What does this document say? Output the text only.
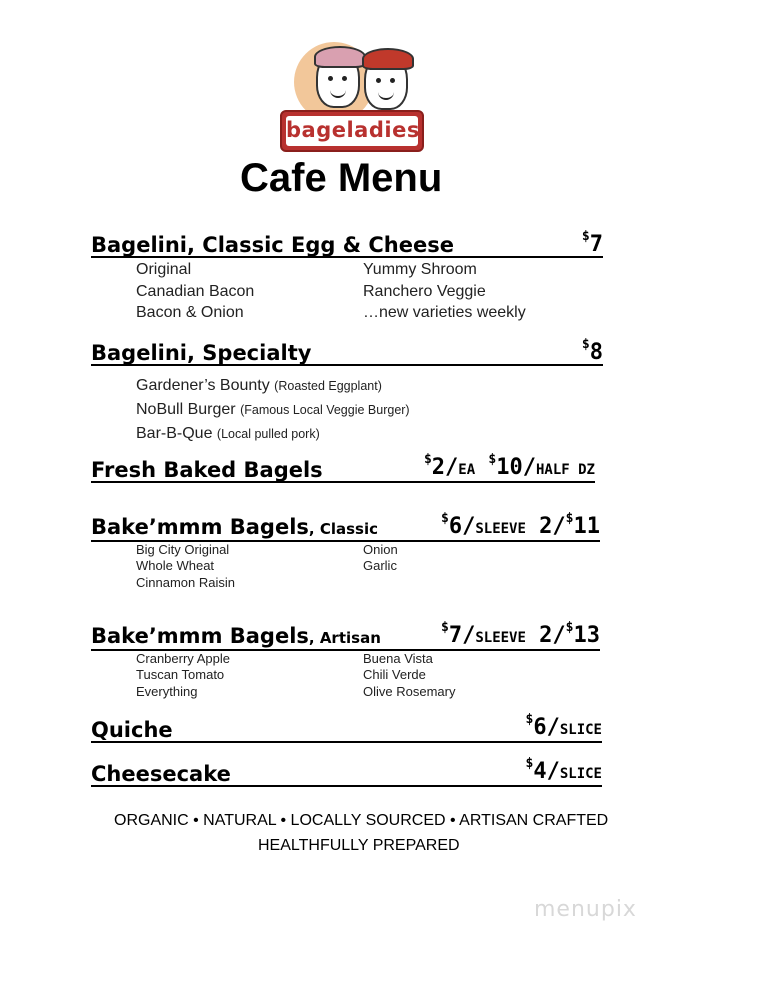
bageladies
Cafe Menu
Bagelini, Classic Egg & Cheese	$7
Original
Canadian Bacon
Bacon & Onion
Yummy Shroom
Ranchero Veggie
…new varieties weekly
Bagelini, Specialty	$8
Gardener’s Bounty (Roasted Eggplant)
NoBull Burger (Famous Local Veggie Burger)
Bar-B-Que (Local pulled pork)
Fresh Baked Bagels	$2/EA $10/HALF DZ
Bake’mmm Bagels, Classic
$6/SLEEVE 2/$11
Big City Original
Whole Wheat
Cinnamon Raisin
Onion
Garlic
Bake’mmm Bagels, Artisan
$7/SLEEVE 2/$13
Cranberry Apple
Tuscan Tomato
Everything
Buena Vista
Chili Verde
Olive Rosemary
Quiche	$6/SLICE
Cheesecake	$4/SLICE
ORGANIC • NATURAL • LOCALLY SOURCED • ARTISAN CRAFTED
HEALTHFULLY PREPARED
menupix
